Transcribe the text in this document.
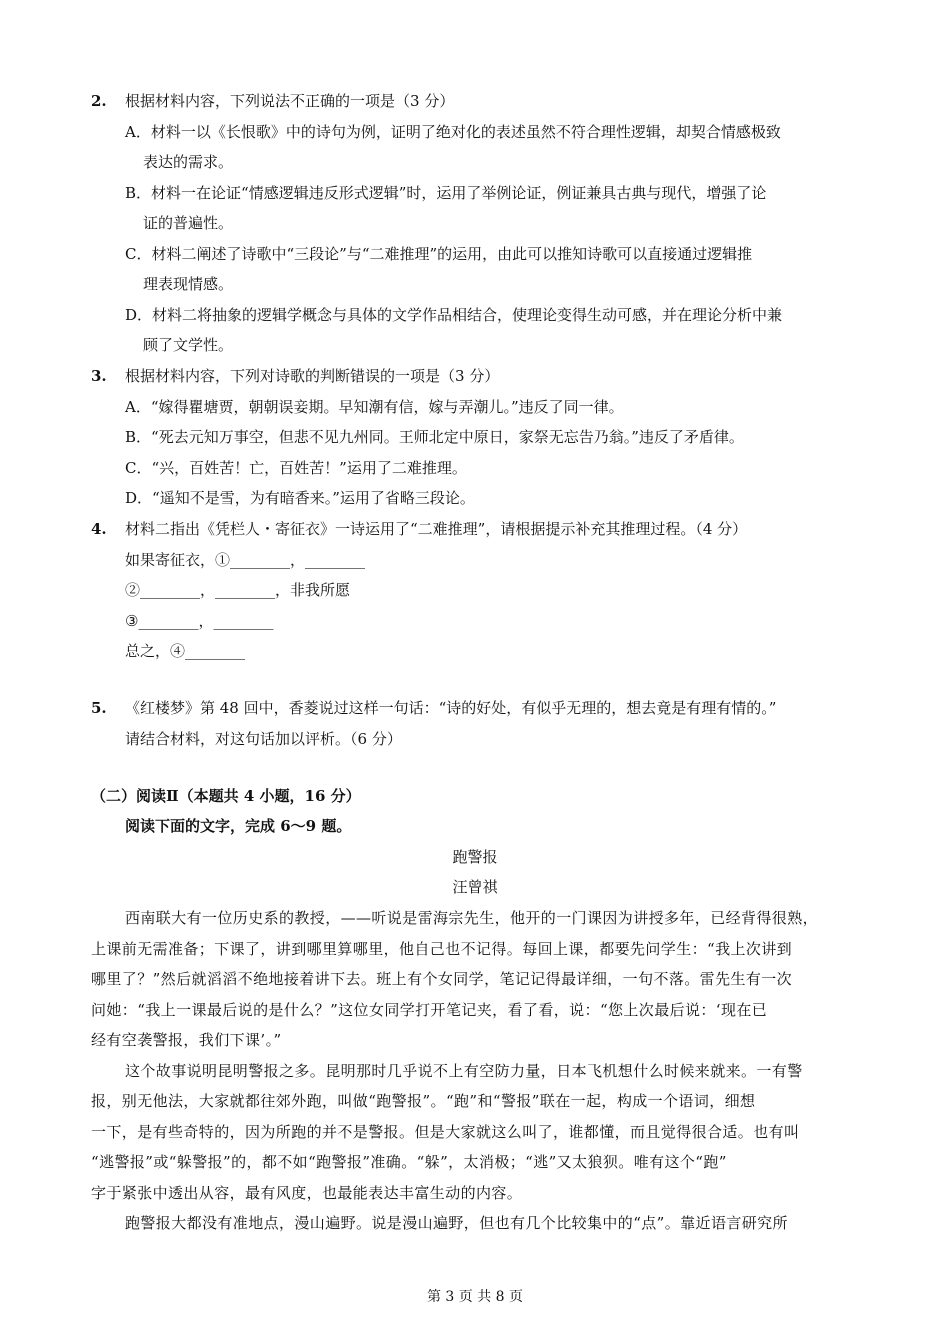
2. 根据材料内容，下列说法不正确的一项是（3 分）
A．材料一以《长恨歌》中的诗句为例，证明了绝对化的表述虽然不符合理性逻辑，却契合情感极致
表达的需求。
B．材料一在论证“情感逻辑违反形式逻辑”时，运用了举例论证，例证兼具古典与现代，增强了论
证的普遍性。
C．材料二阐述了诗歌中“三段论”与“二难推理”的运用，由此可以推知诗歌可以直接通过逻辑推
理表现情感。
D．材料二将抽象的逻辑学概念与具体的文学作品相结合，使理论变得生动可感，并在理论分析中兼
顾了文学性。
3. 根据材料内容，下列对诗歌的判断错误的一项是（3 分）
A．“嫁得瞿塘贾，朝朝误妾期。早知潮有信，嫁与弄潮儿。”违反了同一律。
B．“死去元知万事空，但悲不见九州同。王师北定中原日，家祭无忘告乃翁。”违反了矛盾律。
C．“兴，百姓苦！亡，百姓苦！”运用了二难推理。
D．“遥知不是雪，为有暗香来。”运用了省略三段论。
4. 材料二指出《凭栏人・寄征衣》一诗运用了“二难推理”，请根据提示补充其推理过程。（4 分）
如果寄征衣，①________，________
②________，________，非我所愿
③________，________
总之，④________
5. 《红楼梦》第 48 回中，香菱说过这样一句话：“诗的好处，有似乎无理的，想去竟是有理有情的。”
请结合材料，对这句话加以评析。（6 分）
（二）阅读Ⅱ（本题共 4 小题，16 分）
阅读下面的文字，完成 6～9 题。
跑警报
汪曾祺
西南联大有一位历史系的教授，——听说是雷海宗先生，他开的一门课因为讲授多年，已经背得很熟，
上课前无需准备；下课了，讲到哪里算哪里，他自己也不记得。每回上课，都要先问学生：“我上次讲到
哪里了？”然后就滔滔不绝地接着讲下去。班上有个女同学，笔记记得最详细，一句不落。雷先生有一次
问她：“我上一课最后说的是什么？”这位女同学打开笔记夹，看了看，说：“您上次最后说：‘现在已
经有空袭警报，我们下课’。”
这个故事说明昆明警报之多。昆明那时几乎说不上有空防力量，日本飞机想什么时候来就来。一有警
报，别无他法，大家就都往郊外跑，叫做“跑警报”。“跑”和“警报”联在一起，构成一个语词，细想
一下，是有些奇特的，因为所跑的并不是警报。但是大家就这么叫了，谁都懂，而且觉得很合适。也有叫
“逃警报”或“躲警报”的，都不如“跑警报”准确。“躲”，太消极；“逃”又太狼狈。唯有这个“跑”
字于紧张中透出从容，最有风度，也最能表达丰富生动的内容。
跑警报大都没有准地点，漫山遍野。说是漫山遍野，但也有几个比较集中的“点”。靠近语言研究所
第 3 页 共 8 页
